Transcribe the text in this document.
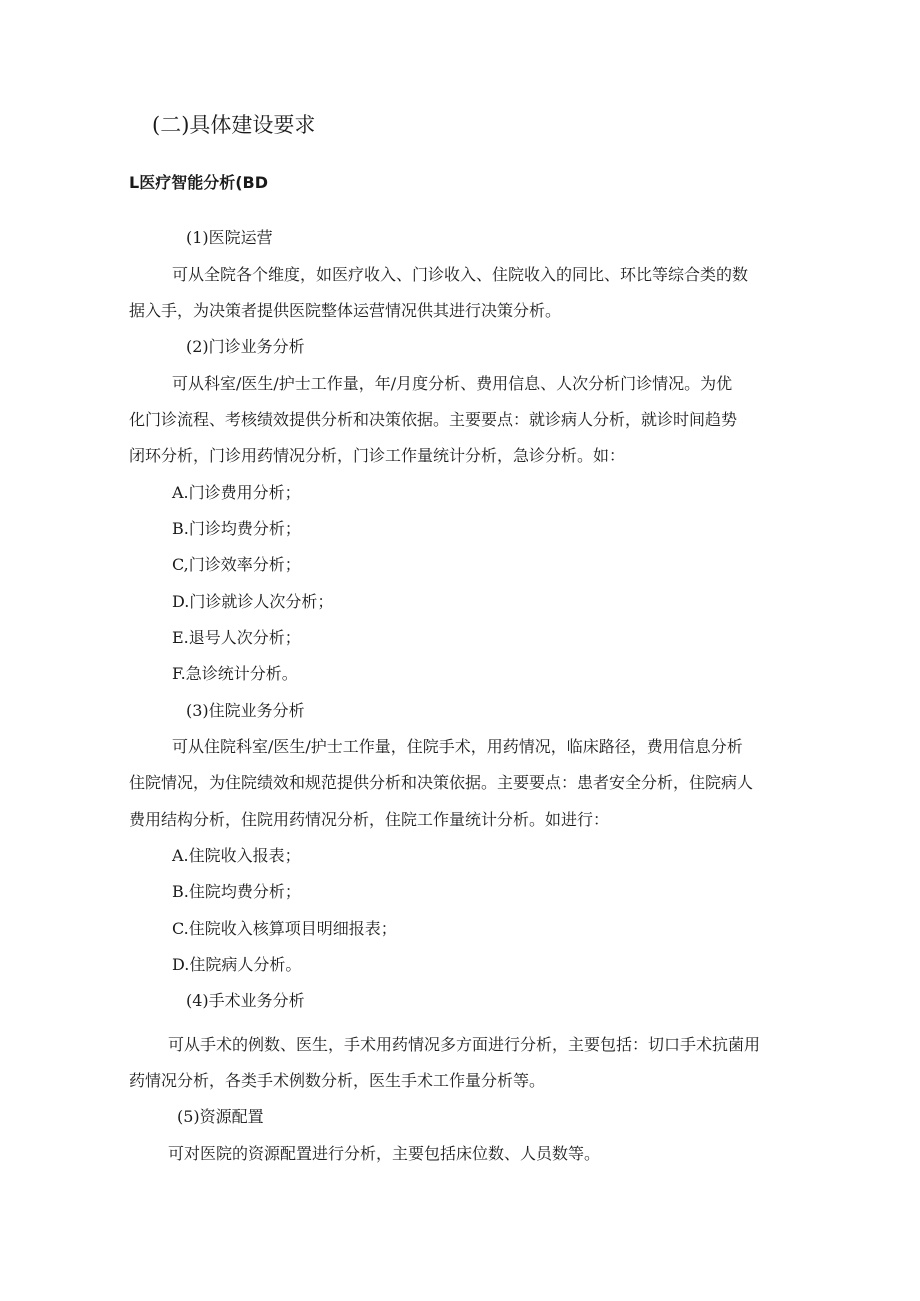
(二)具体建设要求
L医疗智能分析(BD
(1)医院运营
可从全院各个维度，如医疗收入、门诊收入、住院收入的同比、环比等综合类的数
据入手，为决策者提供医院整体运营情况供其进行决策分析。
(2)门诊业务分析
可从科室/医生/护士工作量，年/月度分析、费用信息、人次分析门诊情况。为优
化门诊流程、考核绩效提供分析和决策依据。主要要点：就诊病人分析，就诊时间趋势
闭环分析，门诊用药情况分析，门诊工作量统计分析，急诊分析。如：
A.门诊费用分析；
B.门诊均费分析；
C,门诊效率分析；
D.门诊就诊人次分析；
E.退号人次分析；
F.急诊统计分析。
(3)住院业务分析
可从住院科室/医生/护士工作量，住院手术，用药情况，临床路径，费用信息分析
住院情况，为住院绩效和规范提供分析和决策依据。主要要点：患者安全分析，住院病人
费用结构分析，住院用药情况分析，住院工作量统计分析。如进行：
A.住院收入报表；
B.住院均费分析；
C.住院收入核算项目明细报表；
D.住院病人分析。
(4)手术业务分析
可从手术的例数、医生，手术用药情况多方面进行分析，主要包括：切口手术抗菌用
药情况分析，各类手术例数分析，医生手术工作量分析等。
(5)资源配置
可对医院的资源配置进行分析，主要包括床位数、人员数等。
